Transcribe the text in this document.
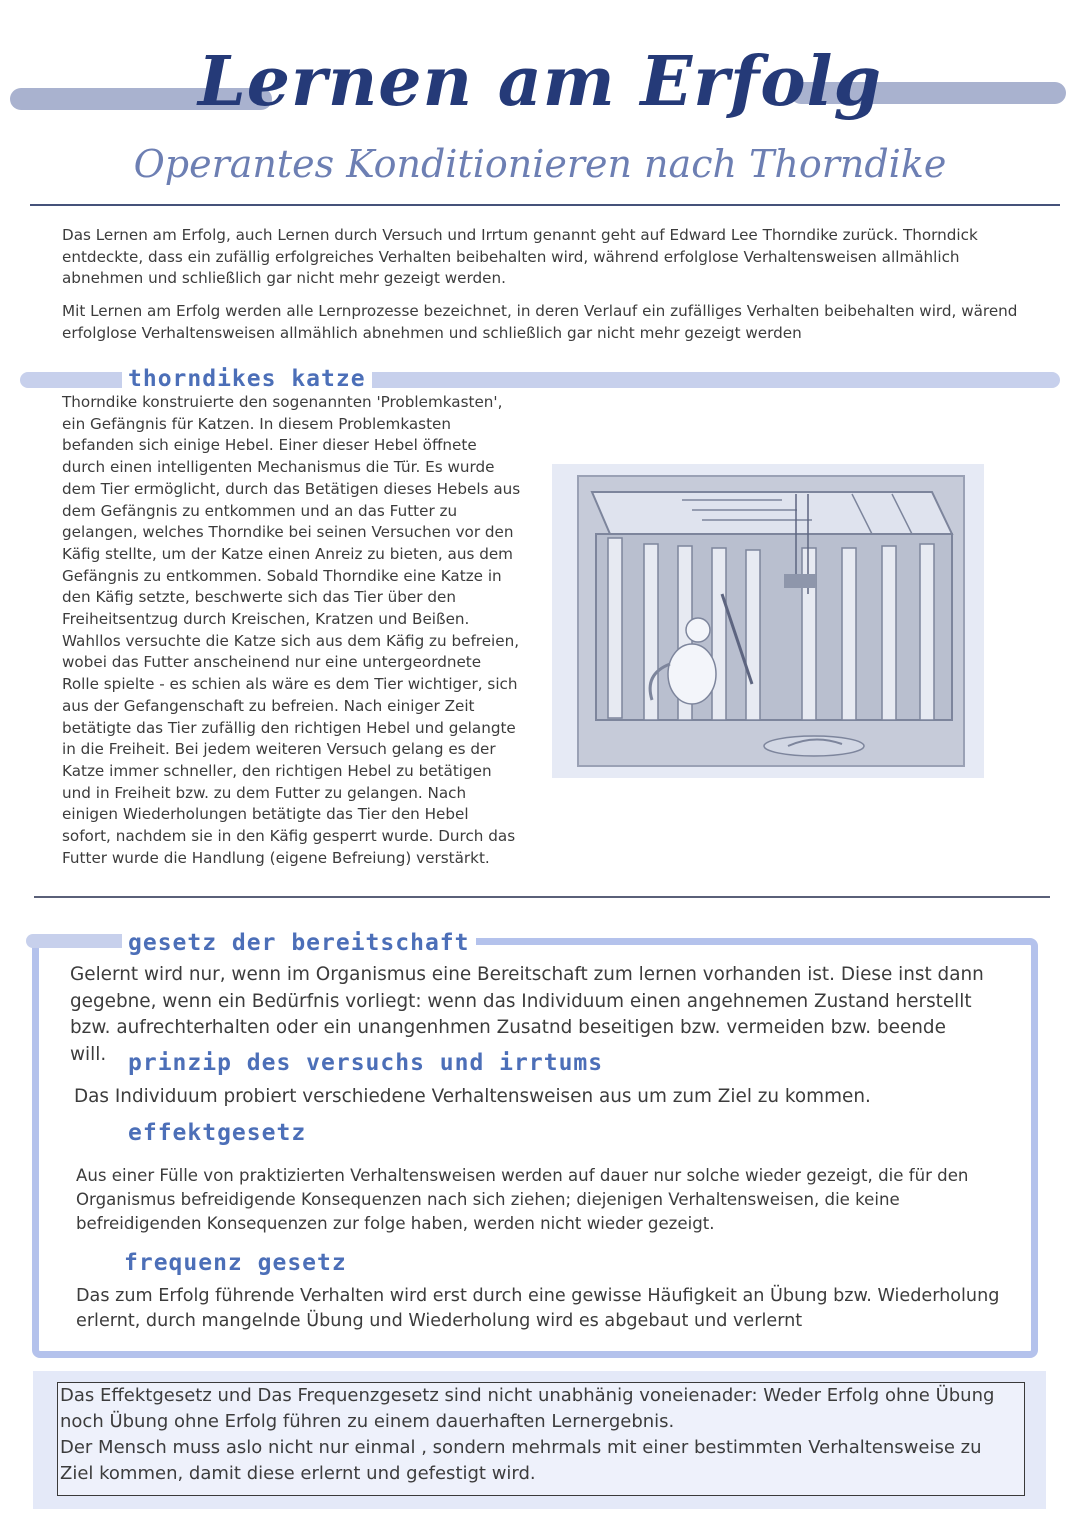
Lernen am Erfolg
Operantes Konditionieren nach Thorndike

Das Lernen am Erfolg, auch Lernen durch Versuch und Irrtum genannt geht auf Edward Lee Thorndike zurück. Thorndick entdeckte, dass ein zufällig erfolgreiches Verhalten beibehalten wird, während erfolglose Verhaltensweisen allmählich abnehmen und schließlich gar nicht mehr gezeigt werden.

Mit Lernen am Erfolg werden alle Lernprozesse bezeichnet, in deren Verlauf ein zufälliges Verhalten beibehalten wird, wärend erfolglose Verhaltensweisen allmählich abnehmen und schließlich gar nicht mehr gezeigt werden

thorndikes katze

Thorndike konstruierte den sogenannten 'Problemkasten', ein Gefängnis für Katzen. In diesem Problemkasten befanden sich einige Hebel. Einer dieser Hebel öffnete durch einen intelligenten Mechanismus die Tür. Es wurde dem Tier ermöglicht, durch das Betätigen dieses Hebels aus dem Gefängnis zu entkommen und an das Futter zu gelangen, welches Thorndike bei seinen Versuchen vor den Käfig stellte, um der Katze einen Anreiz zu bieten, aus dem Gefängnis zu entkommen. Sobald Thorndike eine Katze in den Käfig setzte, beschwerte sich das Tier über den Freiheitsentzug durch Kreischen, Kratzen und Beißen. Wahllos versuchte die Katze sich aus dem Käfig zu befreien, wobei das Futter anscheinend nur eine untergeordnete Rolle spielte - es schien als wäre es dem Tier wichtiger, sich aus der Gefangenschaft zu befreien. Nach einiger Zeit betätigte das Tier zufällig den richtigen Hebel und gelangte in die Freiheit. Bei jedem weiteren Versuch gelang es der Katze immer schneller, den richtigen Hebel zu betätigen und in Freiheit bzw. zu dem Futter zu gelangen. Nach einigen Wiederholungen betätigte das Tier den Hebel sofort, nachdem sie in den Käfig gesperrt wurde. Durch das Futter wurde die Handlung (eigene Befreiung) verstärkt.

gesetz der bereitschaft

Gelernt wird nur, wenn im Organismus eine Bereitschaft zum lernen vorhanden ist. Diese inst dann gegebne, wenn ein Bedürfnis vorliegt: wenn das Individuum einen angehnemen Zustand herstellt bzw. aufrechterhalten oder ein unangenhmen Zusatnd beseitigen bzw. vermeiden bzw. beende will. prinzip des versuchs und irrtums

Das Individuum probiert verschiedene Verhaltensweisen aus um zum Ziel zu kommen.

effektgesetz

Aus einer Fülle von praktizierten Verhaltensweisen werden auf dauer nur solche wieder gezeigt, die für den Organismus befreidigende Konsequenzen nach sich ziehen; diejenigen Verhaltensweisen, die keine befreidigenden Konsequenzen zur folge haben, werden nicht wieder gezeigt.

frequenz gesetz

Das zum Erfolg führende Verhalten wird erst durch eine gewisse Häufigkeit an Übung bzw. Wiederholung erlernt, durch mangelnde Übung und Wiederholung wird es abgebaut und verlernt

Das Effektgesetz und Das Frequenzgesetz sind nicht unabhänig voneienader: Weder Erfolg ohne Übung noch Übung ohne Erfolg führen zu einem dauerhaften Lernergebnis.

Der Mensch muss aslo nicht nur einmal , sondern mehrmals mit einer bestimmten Verhaltensweise zu Ziel kommen, damit diese erlernt und gefestigt wird.
